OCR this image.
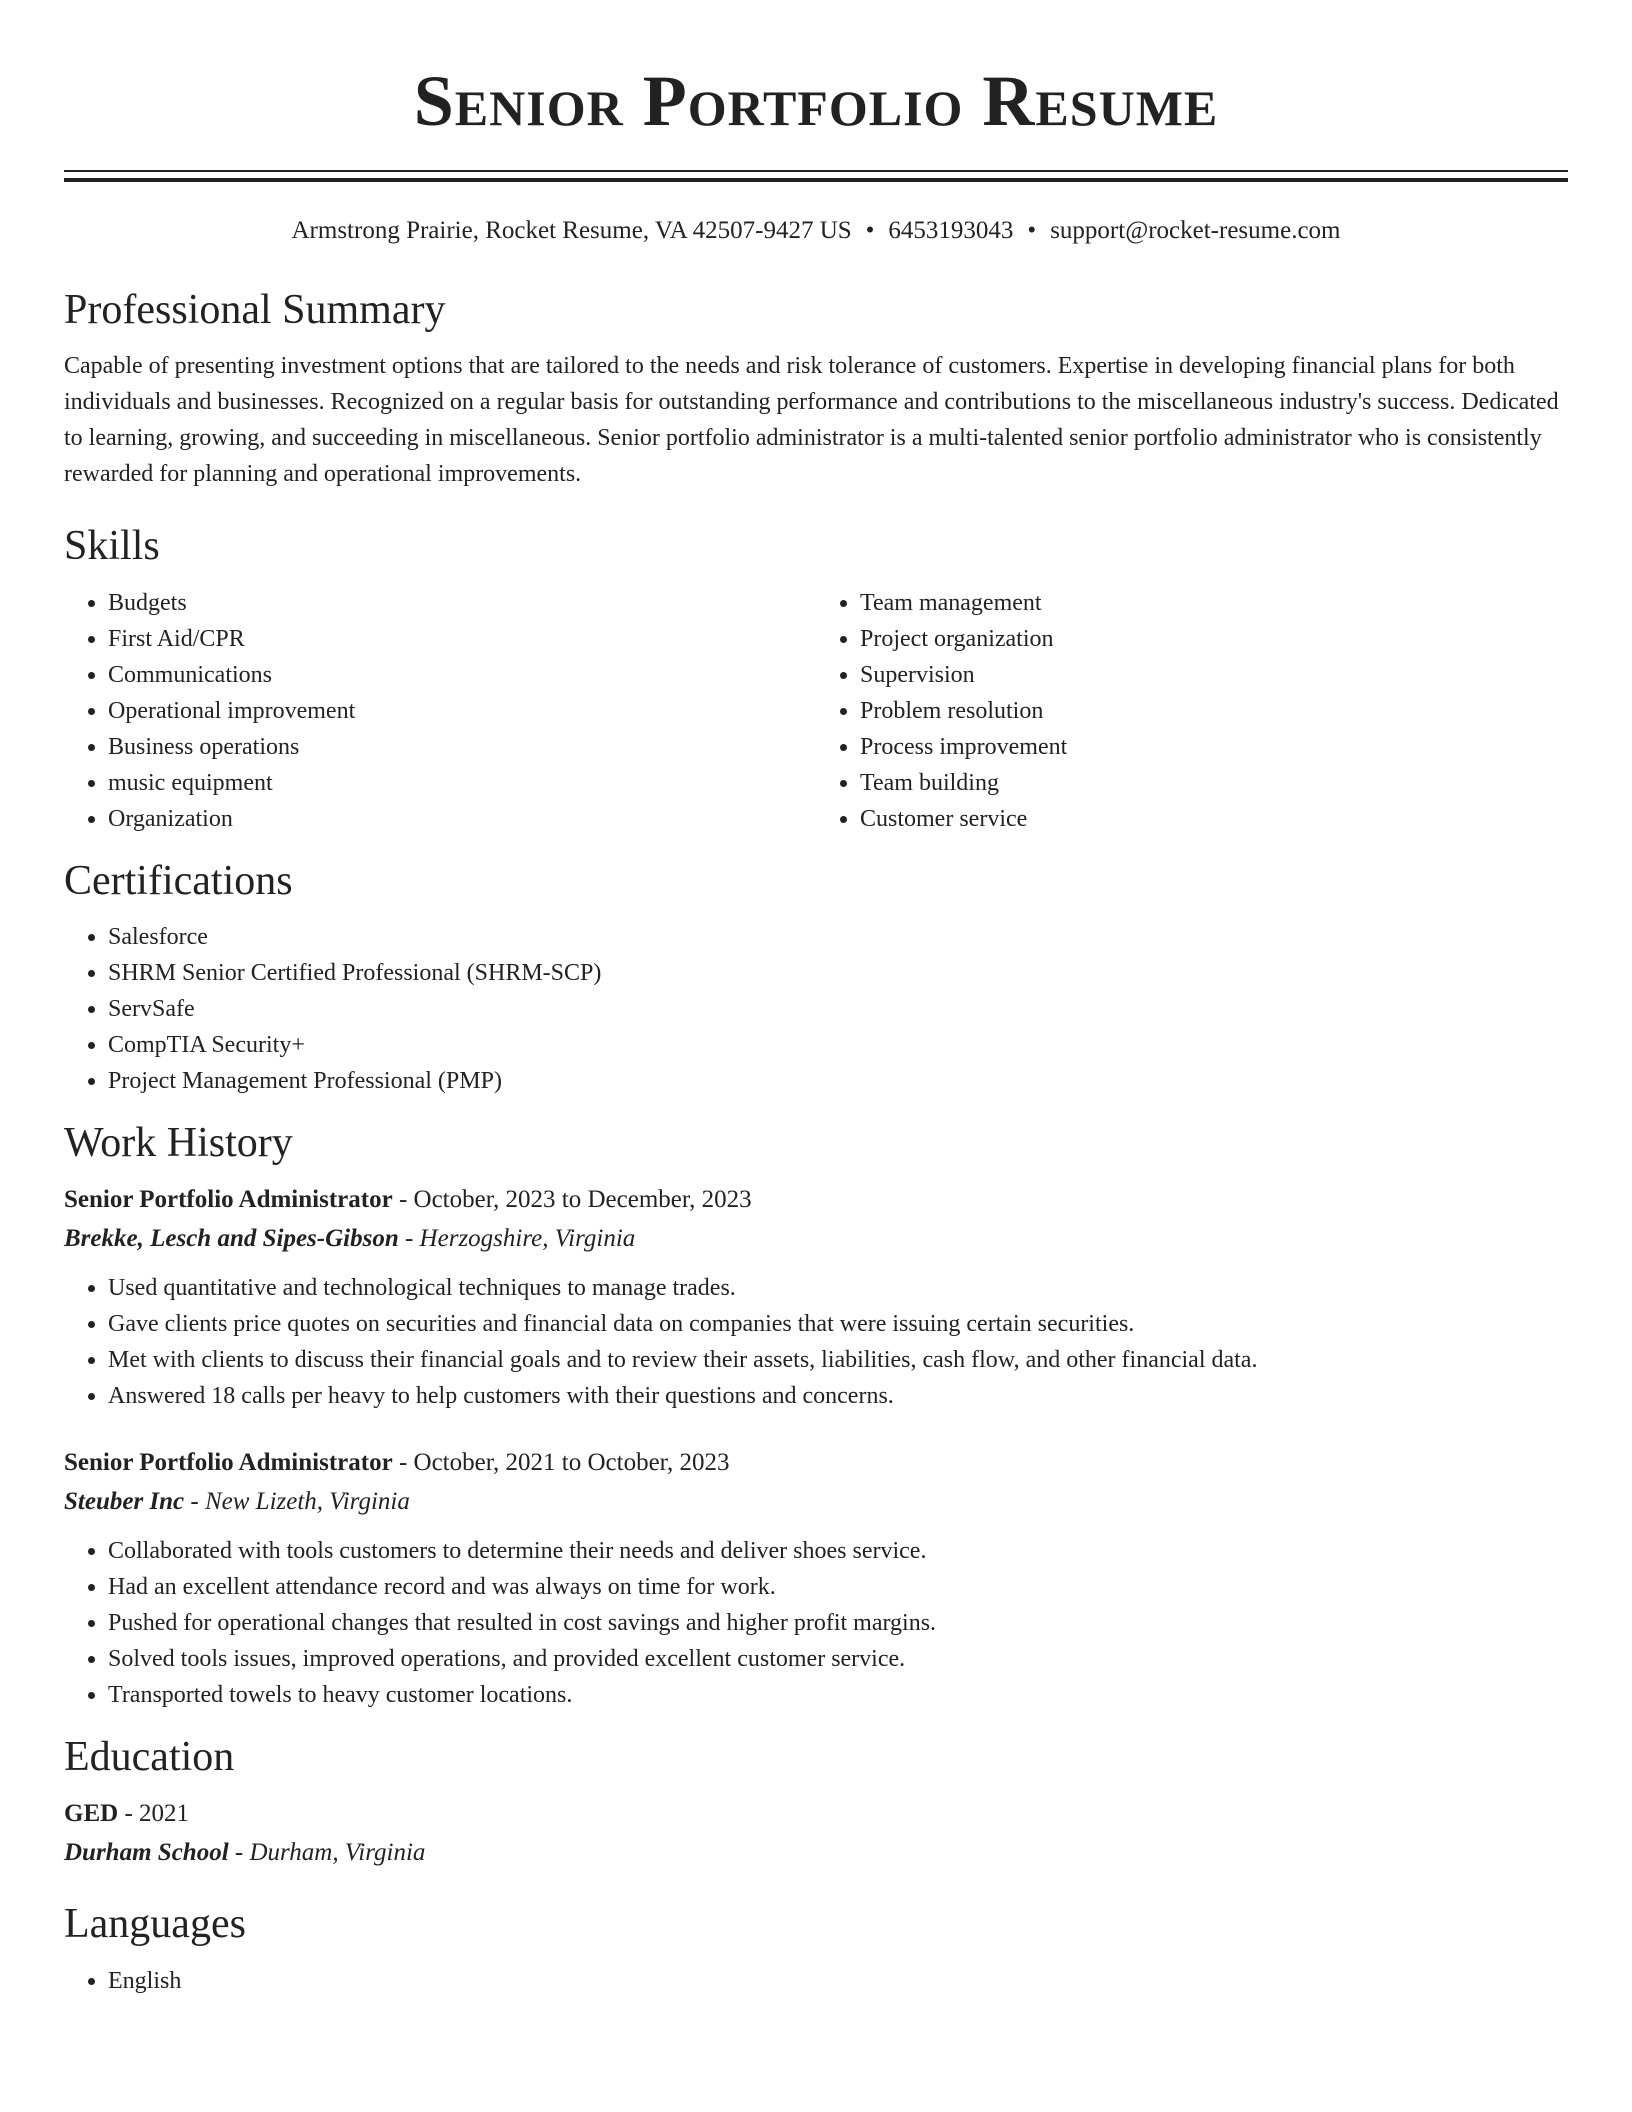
Senior Portfolio Resume
Armstrong Prairie, Rocket Resume, VA 42507-9427 US • 6453193043 • support@rocket-resume.com
Professional Summary

Capable of presenting investment options that are tailored to the needs and risk tolerance of customers. Expertise in developing financial plans for both individuals and businesses. Recognized on a regular basis for outstanding performance and contributions to the miscellaneous industry's success. Dedicated to learning, growing, and succeeding in miscellaneous. Senior portfolio administrator is a multi-talented senior portfolio administrator who is consistently rewarded for planning and operational improvements.

Skills
• Budgets
• First Aid/CPR
• Communications
• Operational improvement
• Business operations
• music equipment
• Organization
• Team management
• Project organization
• Supervision
• Problem resolution
• Process improvement
• Team building
• Customer service
Certifications
• Salesforce
• SHRM Senior Certified Professional (SHRM-SCP)
• ServSafe
• CompTIA Security+
• Project Management Professional (PMP)
Work History
Senior Portfolio Administrator - October, 2023 to December, 2023
Brekke, Lesch and Sipes-Gibson - Herzogshire, Virginia
• Used quantitative and technological techniques to manage trades.
• Gave clients price quotes on securities and financial data on companies that were issuing certain securities.
• Met with clients to discuss their financial goals and to review their assets, liabilities, cash flow, and other financial data.
• Answered 18 calls per heavy to help customers with their questions and concerns.
Senior Portfolio Administrator - October, 2021 to October, 2023
Steuber Inc - New Lizeth, Virginia
• Collaborated with tools customers to determine their needs and deliver shoes service.
• Had an excellent attendance record and was always on time for work.
• Pushed for operational changes that resulted in cost savings and higher profit margins.
• Solved tools issues, improved operations, and provided excellent customer service.
• Transported towels to heavy customer locations.
Education
GED - 2021
Durham School - Durham, Virginia
Languages
• English
